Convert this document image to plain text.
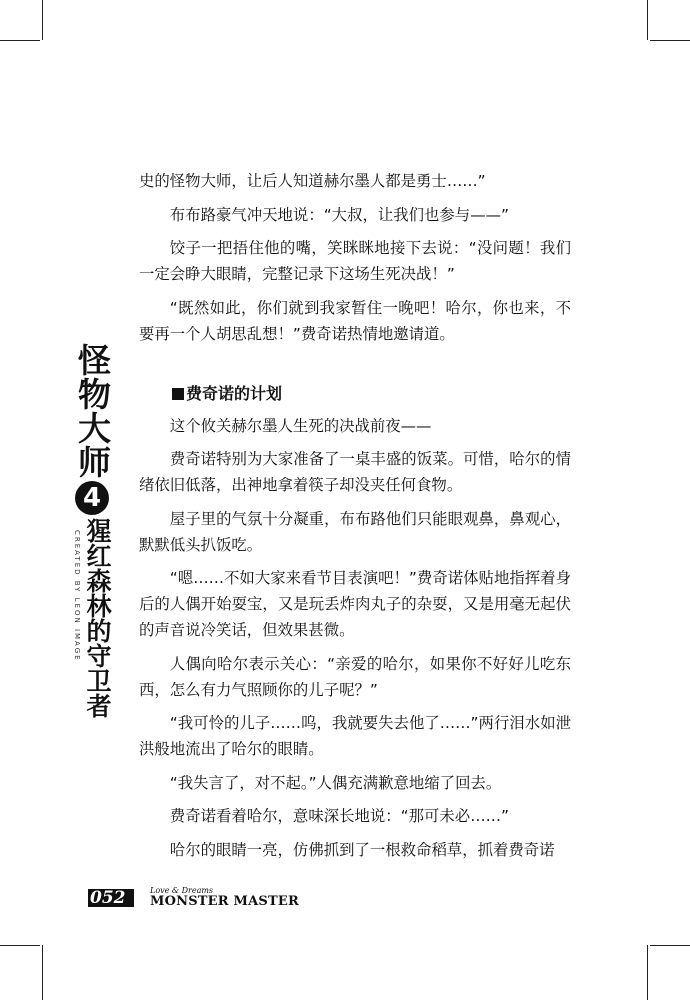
怪物大师
4
CREATED BY LEON IMAGE 猩红森林的守卫者

史的怪物大师，让后人知道赫尔墨人都是勇士……”

布布路豪气冲天地说：“大叔，让我们也参与——”

饺子一把捂住他的嘴，笑眯眯地接下去说：“没问题！我们一定会睁大眼睛，完整记录下这场生死决战！”

“既然如此，你们就到我家暂住一晚吧！哈尔，你也来，不要再一个人胡思乱想！”费奇诺热情地邀请道。

费奇诺的计划

这个攸关赫尔墨人生死的决战前夜——

费奇诺特别为大家准备了一桌丰盛的饭菜。可惜，哈尔的情绪依旧低落，出神地拿着筷子却没夹任何食物。

屋子里的气氛十分凝重，布布路他们只能眼观鼻，鼻观心，默默低头扒饭吃。

“嗯……不如大家来看节目表演吧！”费奇诺体贴地指挥着身后的人偶开始耍宝，又是玩丢炸肉丸子的杂耍，又是用毫无起伏的声音说冷笑话，但效果甚微。

人偶向哈尔表示关心：“亲爱的哈尔，如果你不好好儿吃东西，怎么有力气照顾你的儿子呢？”

“我可怜的儿子……呜，我就要失去他了……”两行泪水如泄洪般地流出了哈尔的眼睛。

“我失言了，对不起。”人偶充满歉意地缩了回去。

费奇诺看着哈尔，意味深长地说：“那可未必……”

哈尔的眼睛一亮，仿佛抓到了一根救命稻草，抓着费奇诺

052	Love & Dreams
MONSTER MASTER
